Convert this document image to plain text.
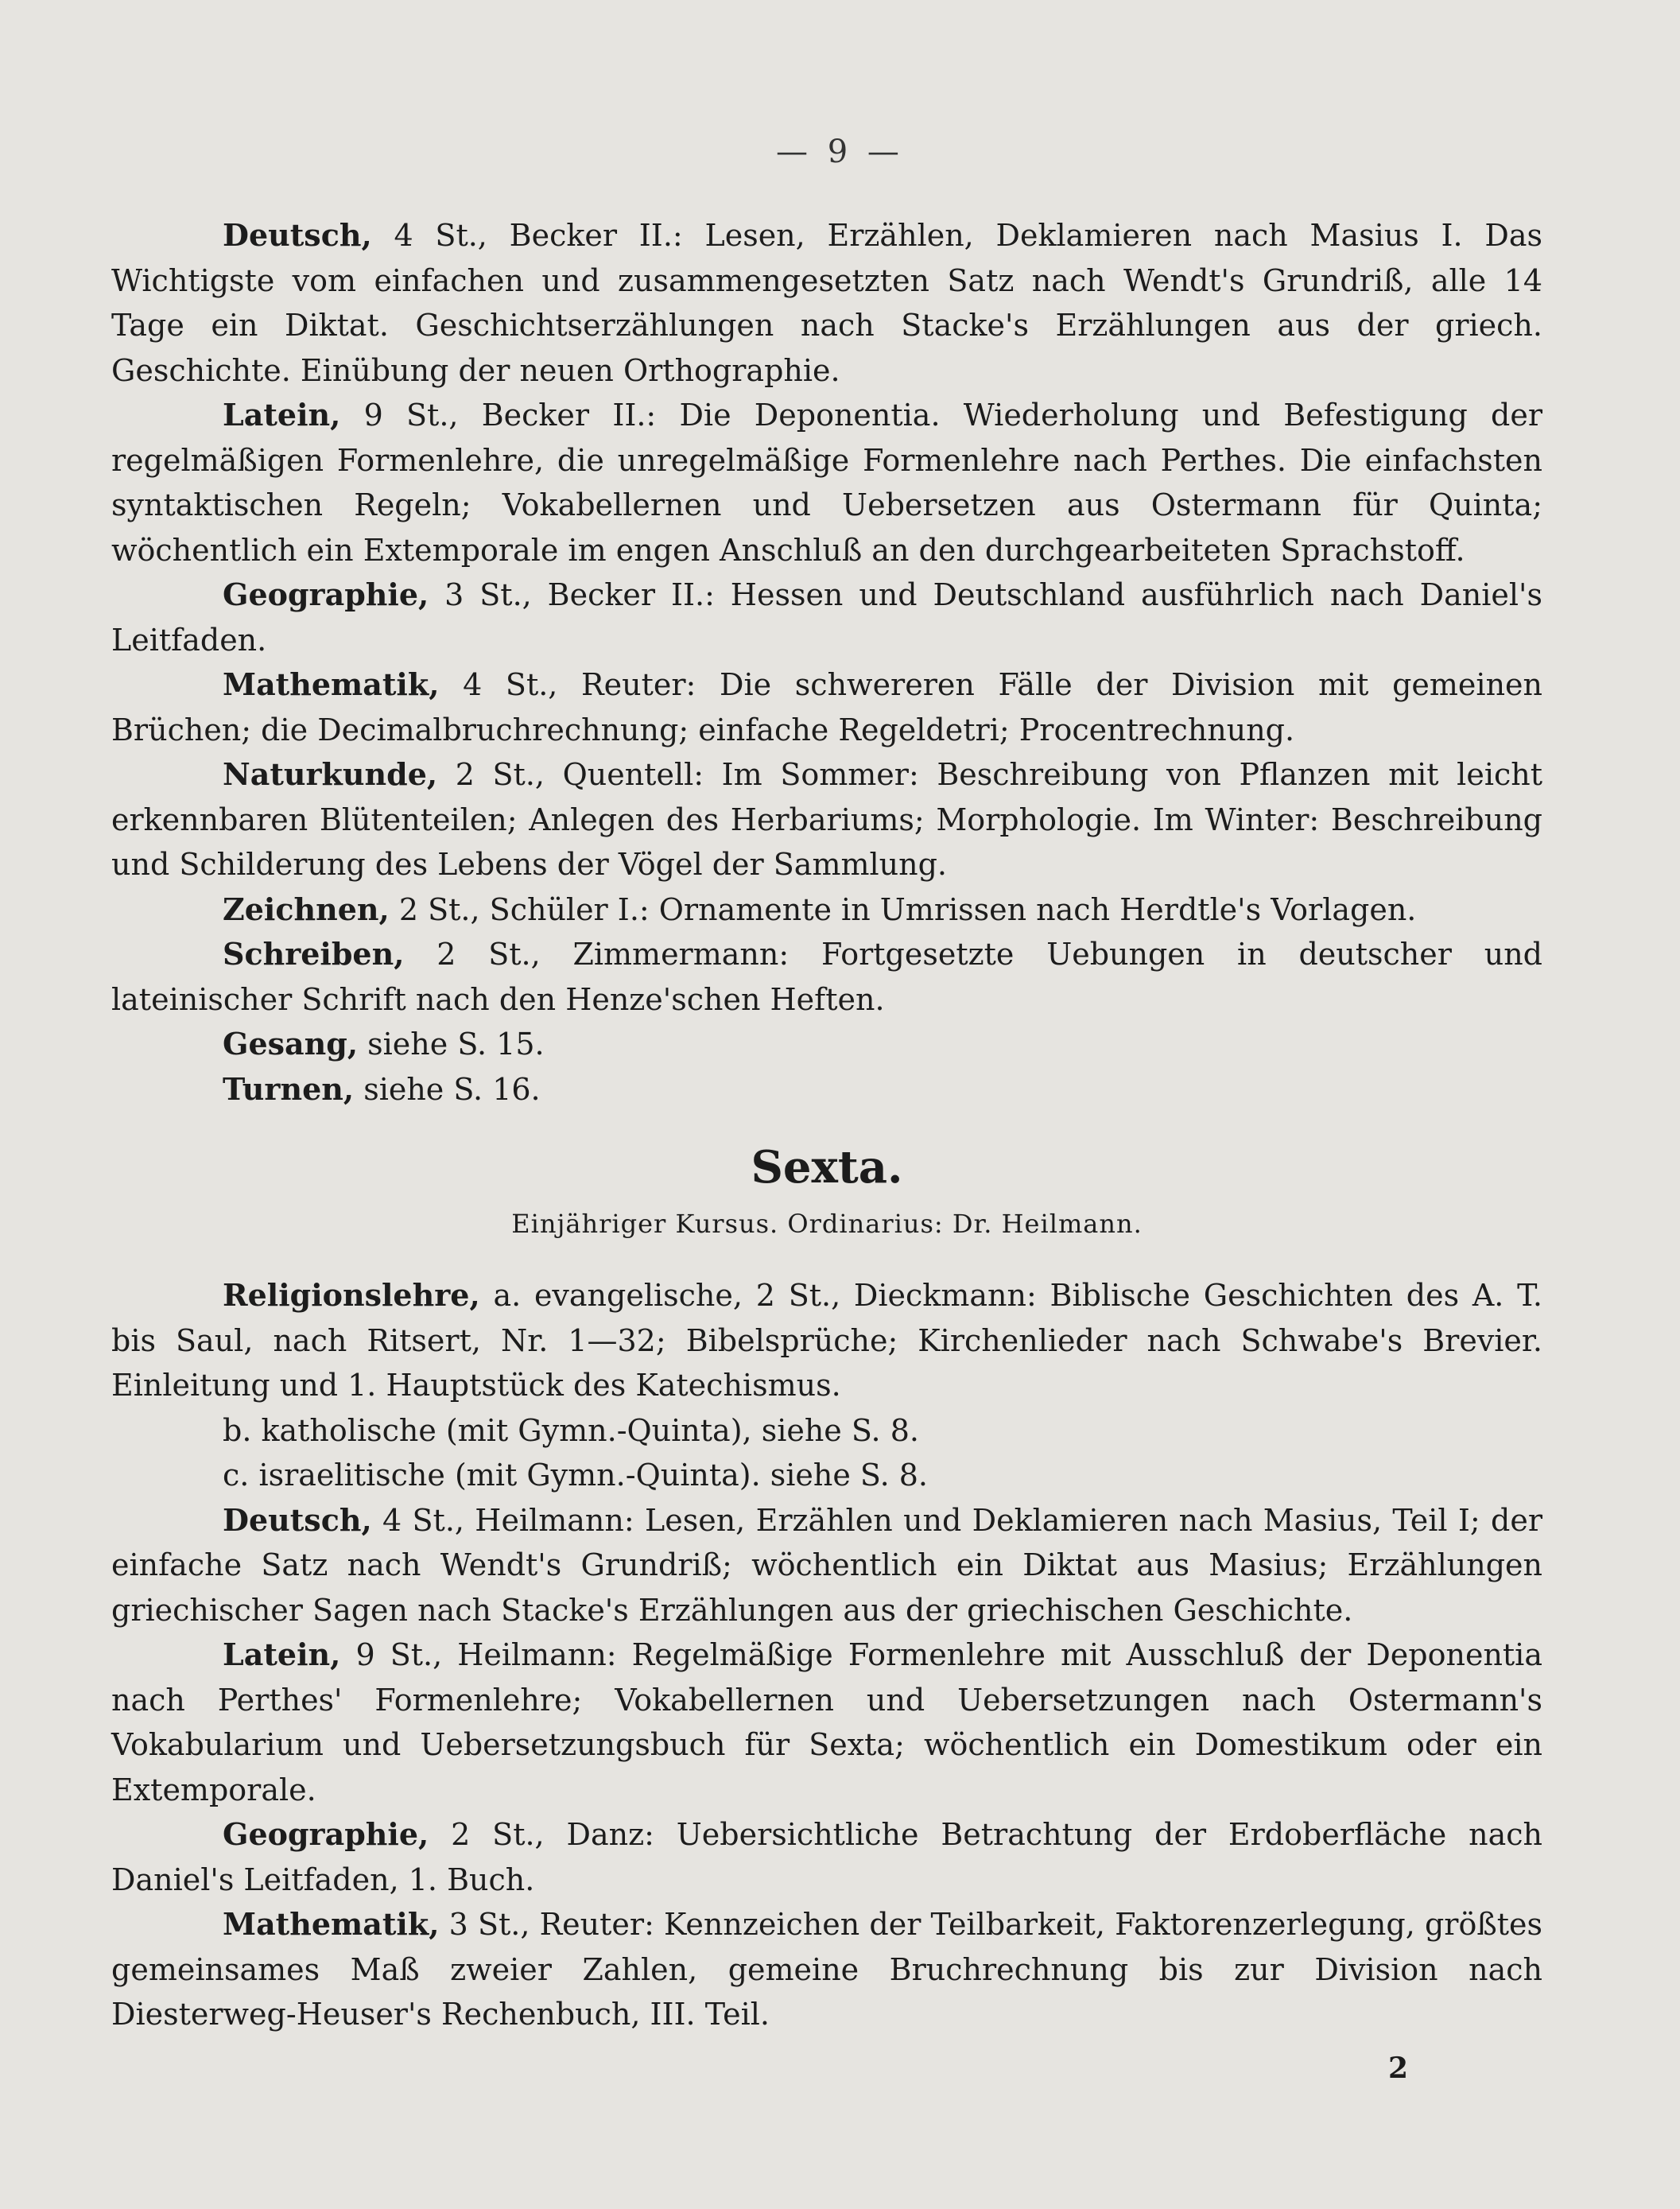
— 9 —

Deutsch, 4 St., Becker II.: Lesen, Erzählen, Deklamieren nach Masius I. Das Wichtigste vom einfachen und zusammengesetzten Satz nach Wendt's Grundriß, alle 14 Tage ein Diktat. Geschichtserzählungen nach Stacke's Erzählungen aus der griech. Geschichte. Einübung der neuen Orthographie.

Latein, 9 St., Becker II.: Die Deponentia. Wiederholung und Befestigung der regelmäßigen Formenlehre, die unregelmäßige Formenlehre nach Perthes. Die einfachsten syntaktischen Regeln; Vokabellernen und Uebersetzen aus Ostermann für Quinta; wöchentlich ein Extemporale im engen Anschluß an den durchgearbeiteten Sprachstoff.

Geographie, 3 St., Becker II.: Hessen und Deutschland ausführlich nach Daniel's Leitfaden.

Mathematik, 4 St., Reuter: Die schwereren Fälle der Division mit gemeinen Brüchen; die Decimalbruchrechnung; einfache Regeldetri; Procentrechnung.

Naturkunde, 2 St., Quentell: Im Sommer: Beschreibung von Pflanzen mit leicht erkennbaren Blütenteilen; Anlegen des Herbariums; Morphologie. Im Winter: Beschreibung und Schilderung des Lebens der Vögel der Sammlung.

Zeichnen, 2 St., Schüler I.: Ornamente in Umrissen nach Herdtle's Vorlagen.

Schreiben, 2 St., Zimmermann: Fortgesetzte Uebungen in deutscher und lateinischer Schrift nach den Henze'schen Heften.

Gesang, siehe S. 15.

Turnen, siehe S. 16.

Sexta.
Einjähriger Kursus. Ordinarius: Dr. Heilmann.

Religionslehre, a. evangelische, 2 St., Dieckmann: Biblische Geschichten des A. T. bis Saul, nach Ritsert, Nr. 1—32; Bibelsprüche; Kirchenlieder nach Schwabe's Brevier. Einleitung und 1. Hauptstück des Katechismus.

b. katholische (mit Gymn.-Quinta), siehe S. 8.

c. israelitische (mit Gymn.-Quinta). siehe S. 8.

Deutsch, 4 St., Heilmann: Lesen, Erzählen und Deklamieren nach Masius, Teil I; der einfache Satz nach Wendt's Grundriß; wöchentlich ein Diktat aus Masius; Erzählungen griechischer Sagen nach Stacke's Erzählungen aus der griechischen Geschichte.

Latein, 9 St., Heilmann: Regelmäßige Formenlehre mit Ausschluß der Deponentia nach Perthes' Formenlehre; Vokabellernen und Uebersetzungen nach Ostermann's Vokabularium und Uebersetzungsbuch für Sexta; wöchentlich ein Domestikum oder ein Extemporale.

Geographie, 2 St., Danz: Uebersichtliche Betrachtung der Erdoberfläche nach Daniel's Leitfaden, 1. Buch.

Mathematik, 3 St., Reuter: Kennzeichen der Teilbarkeit, Faktorenzerlegung, größtes gemeinsames Maß zweier Zahlen, gemeine Bruchrechnung bis zur Division nach Diesterweg-Heuser's Rechenbuch, III. Teil.

2
